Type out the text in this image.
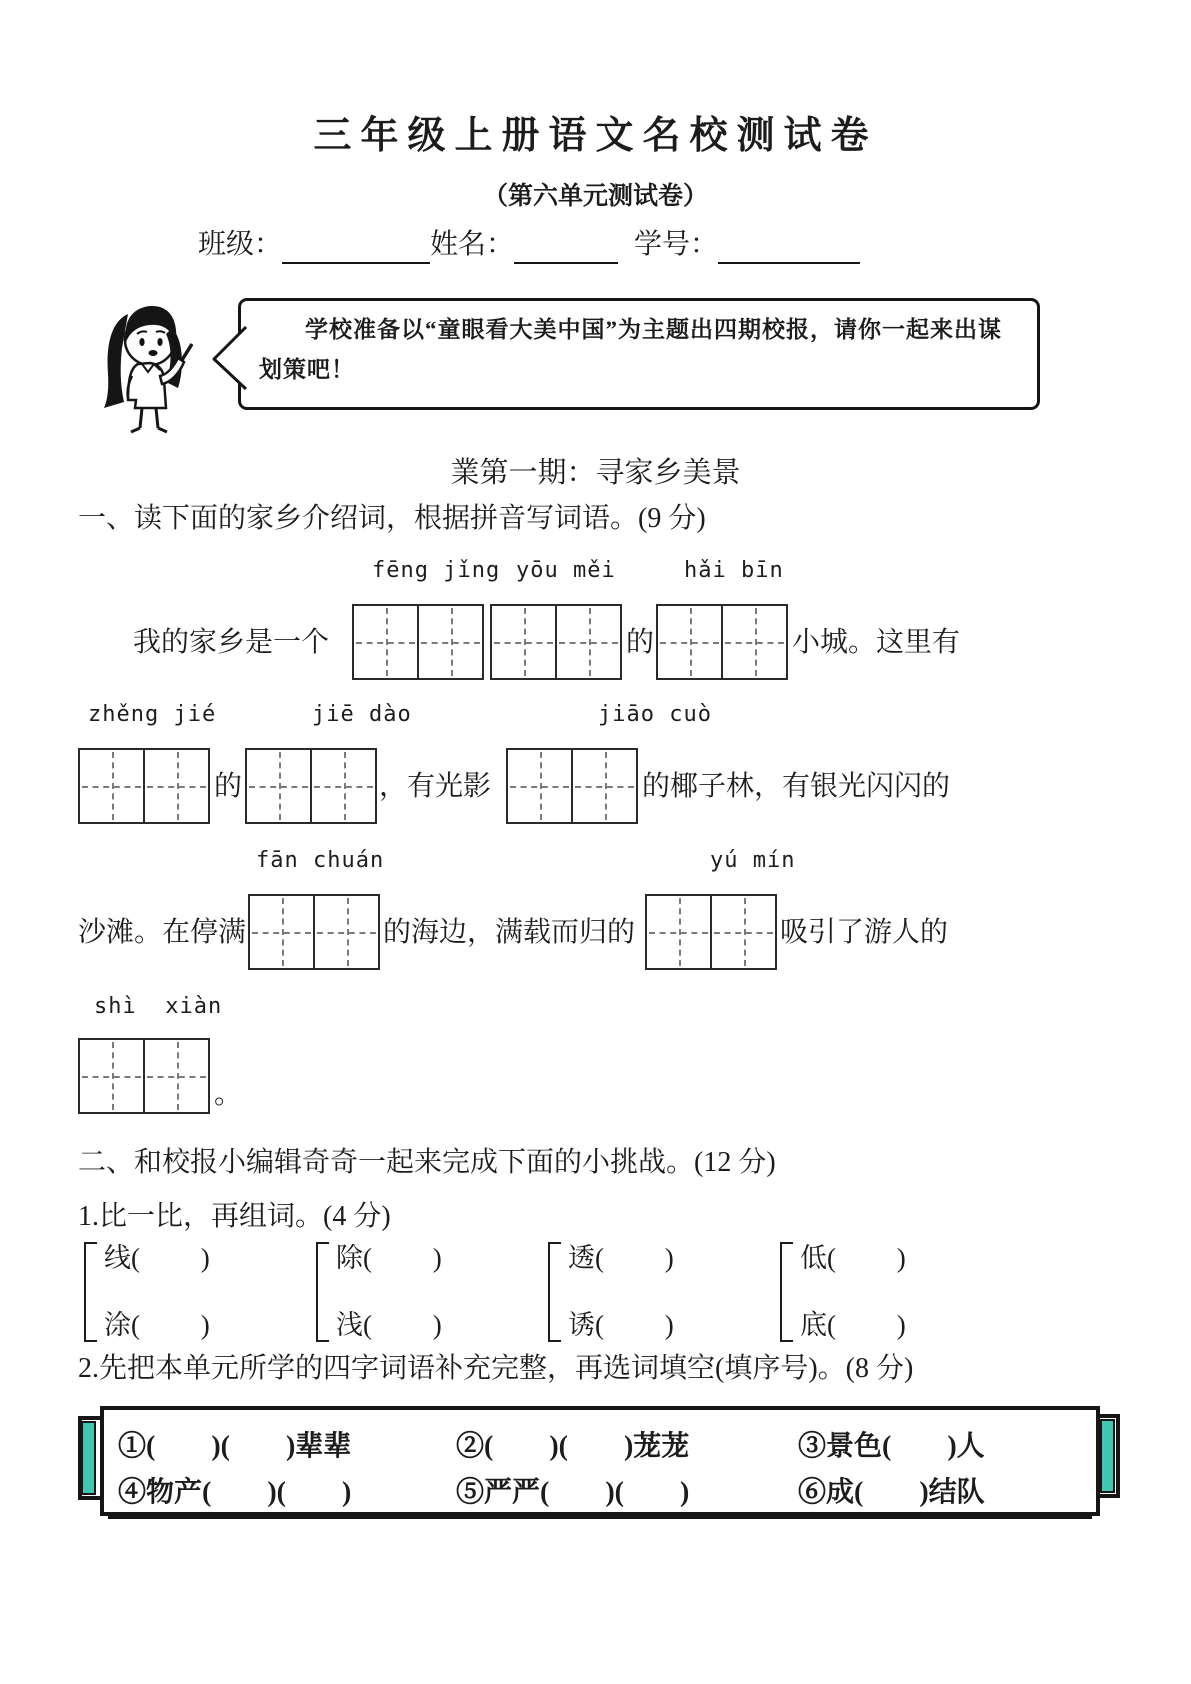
三年级上册语文名校测试卷
（第六单元测试卷）
班级：	姓名：	学号：

学校准备以“童眼看大美中国”为主题出四期校报，请你一起来出谋划策吧！

業第一期：寻家乡美景
一、读下面的家乡介绍词，根据拼音写词语。(9 分)
fēng jǐng yōu měi	hǎi bīn
我的家乡是一个	的	小城。这里有
zhěng jié	jiē dào	jiāo cuò
的	，有光影	的椰子林，有银光闪闪的
fān chuán	yú mín
沙滩。在停满	的海边，满载而归的	吸引了游人的
shì  xiàn
。
二、和校报小编辑奇奇一起来完成下面的小挑战。(12 分)
1.比一比，再组词。(4 分)
线(   )
涂(   )
除(   )
浅(   )
透(   )
诱(   )
低(   )
底(   )
2.先把本单元所学的四字词语补充完整，再选词填空(填序号)。(8 分)
①(  )(  )辈辈	②(  )(  )茏茏	③景色(  )人
④物产(  )(  )	⑤严严(  )(  )	⑥成(  )结队
